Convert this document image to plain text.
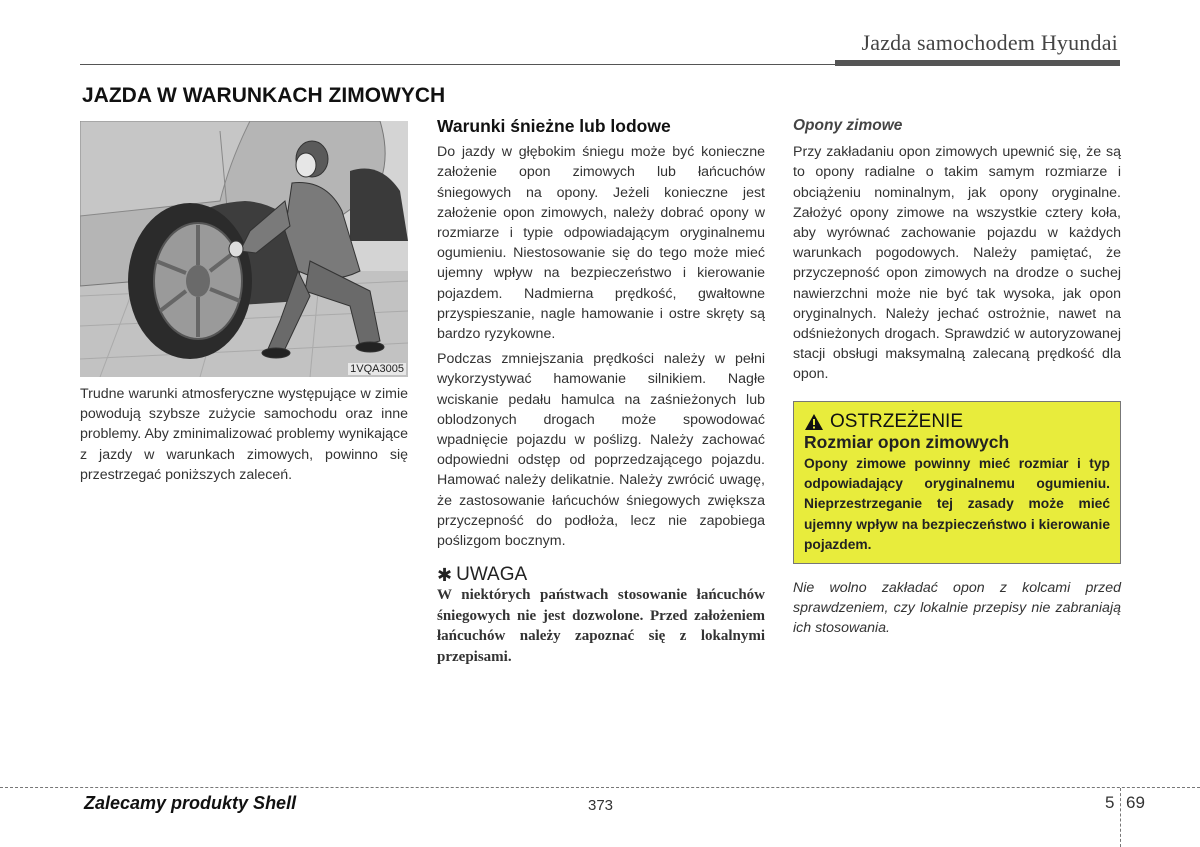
Jazda samochodem Hyundai
JAZDA W WARUNKACH ZIMOWYCH
1VQA3005

Trudne warunki atmosferyczne występujące w zimie powodują szybsze zużycie samochodu oraz inne problemy. Aby zminimalizować problemy wynikające z jazdy w warunkach zimowych, powinno się przestrzegać poniższych zaleceń.

Warunki śnieżne lub lodowe

Do jazdy w głębokim śniegu może być konieczne założenie opon zimowych lub łańcuchów śniegowych na opony. Jeżeli konieczne jest założenie opon zimowych, należy dobrać opony w rozmiarze i typie odpowiadającym oryginalnemu ogumieniu. Niestosowanie się do tego może mieć ujemny wpływ na bezpieczeństwo i kierowanie pojazdem. Nadmierna prędkość, gwałtowne przyspieszanie, nagle hamowanie i ostre skręty są bardzo ryzykowne.

Podczas zmniejszania prędkości należy w pełni wykorzystywać hamowanie silnikiem. Nagłe wciskanie pedału hamulca na zaśnieżonych lub oblodzonych drogach może spowodować wpadnięcie pojazdu w poślizg. Należy zachować odpowiedni odstęp od poprzedzającego pojazdu. Hamować należy delikatnie. Należy zwrócić uwagę, że zastosowanie łańcuchów śniegowych zwiększa przyczepność do podłoża, lecz nie zapobiega poślizgom bocznym.

✱ UWAGA

W niektórych państwach stosowanie łańcuchów śniegowych nie jest dozwolone. Przed założeniem łańcuchów należy zapoznać się z lokalnymi przepisami.

Opony zimowe

Przy zakładaniu opon zimowych upewnić się, że są to opony radialne o takim samym rozmiarze i obciążeniu nominalnym, jak opony oryginalne. Założyć opony zimowe na wszystkie cztery koła, aby wyrównać zachowanie pojazdu w każdych warunkach pogodowych. Należy pamiętać, że przyczepność opon zimowych na drodze o suchej nawierzchni może nie być tak wysoka, jak opon oryginalnych. Należy jechać ostrożnie, nawet na odśnieżonych drogach. Sprawdzić w autoryzowanej stacji obsługi maksymalną zalecaną prędkość dla opon.

OSTRZEŻENIE

Rozmiar opon zimowych

Opony zimowe powinny mieć rozmiar i typ odpowiadający oryginalnemu ogumieniu. Nieprzestrzeganie tej zasady może mieć ujemny wpływ na bezpieczeństwo i kierowanie pojazdem.

Nie wolno zakładać opon z kolcami przed sprawdzeniem, czy lokalnie przepisy nie zabraniają ich stosowania.

Zalecamy produkty Shell	373	5 69
